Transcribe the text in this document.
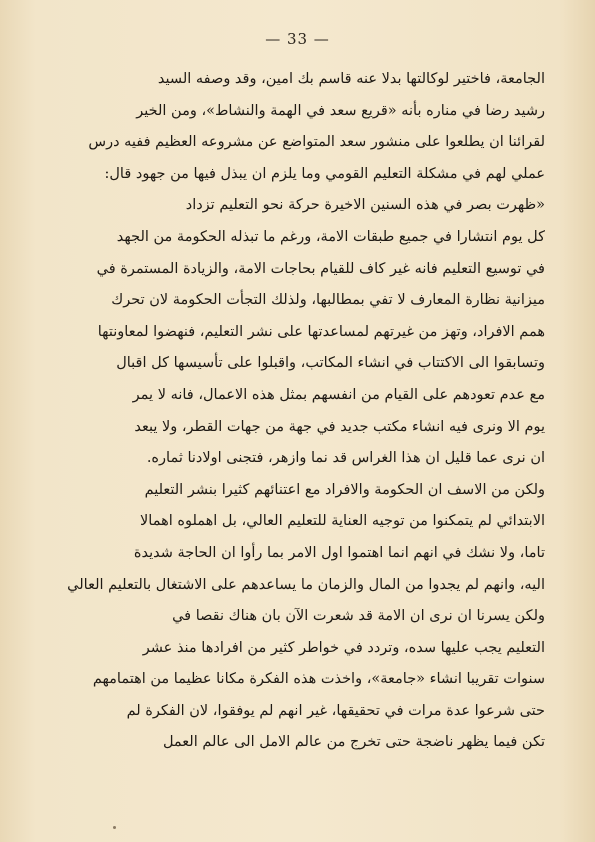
— 33 —
الجامعة، فاختير لوكالتها بدلا عنه قاسم بك امين، وقد وصفه السيد
رشيد رضا في مناره بأنه «قريع سعد في الهمة والنشاط»، ومن الخير
لقرائنا ان يطلعوا على منشور سعد المتواضع عن مشروعه العظيم ففيه درس
عملي لهم في مشكلة التعليم القومي وما يلزم ان يبذل فيها من جهود قال:
«ظهرت بصر في هذه السنين الاخيرة حركة نحو التعليم تزداد
كل يوم انتشارا في جميع طبقات الامة، ورغم ما تبذله الحكومة من الجهد
في توسيع التعليم فانه غير كاف للقيام بحاجات الامة، والزيادة المستمرة في
ميزانية نظارة المعارف لا تفي بمطالبها، ولذلك التجأت الحكومة لان تحرك
همم الافراد، وتهز من غيرتهم لمساعدتها على نشر التعليم، فنهضوا لمعاونتها
وتسابقوا الى الاكتتاب في انشاء المكاتب، واقبلوا على تأسيسها كل اقبال
مع عدم تعودهم على القيام من انفسهم بمثل هذه الاعمال، فانه لا يمر
يوم الا ونرى فيه انشاء مكتب جديد في جهة من جهات القطر، ولا يبعد
ان نرى عما قليل ان هذا الغراس قد نما وازهر، فتجنى اولادنا ثماره.
ولكن من الاسف ان الحكومة والافراد مع اعتنائهم كثيرا بنشر التعليم
الابتدائي لم يتمكنوا من توجيه العناية للتعليم العالي، بل اهملوه اهمالا
تاما، ولا نشك في انهم انما اهتموا اول الامر بما رأوا ان الحاجة شديدة
اليه، وانهم لم يجدوا من المال والزمان ما يساعدهم على الاشتغال بالتعليم العالي
ولكن يسرنا ان نرى ان الامة قد شعرت الآن بان هناك نقصا في
التعليم يجب عليها سده، وتردد في خواطر كثير من افرادها منذ عشر
سنوات تقريبا انشاء «جامعة»، واخذت هذه الفكرة مكانا عظيما من اهتمامهم
حتى شرعوا عدة مرات في تحقيقها، غير انهم لم يوفقوا، لان الفكرة لم
تكن فيما يظهر ناضجة حتى تخرج من عالم الامل الى عالم العمل
